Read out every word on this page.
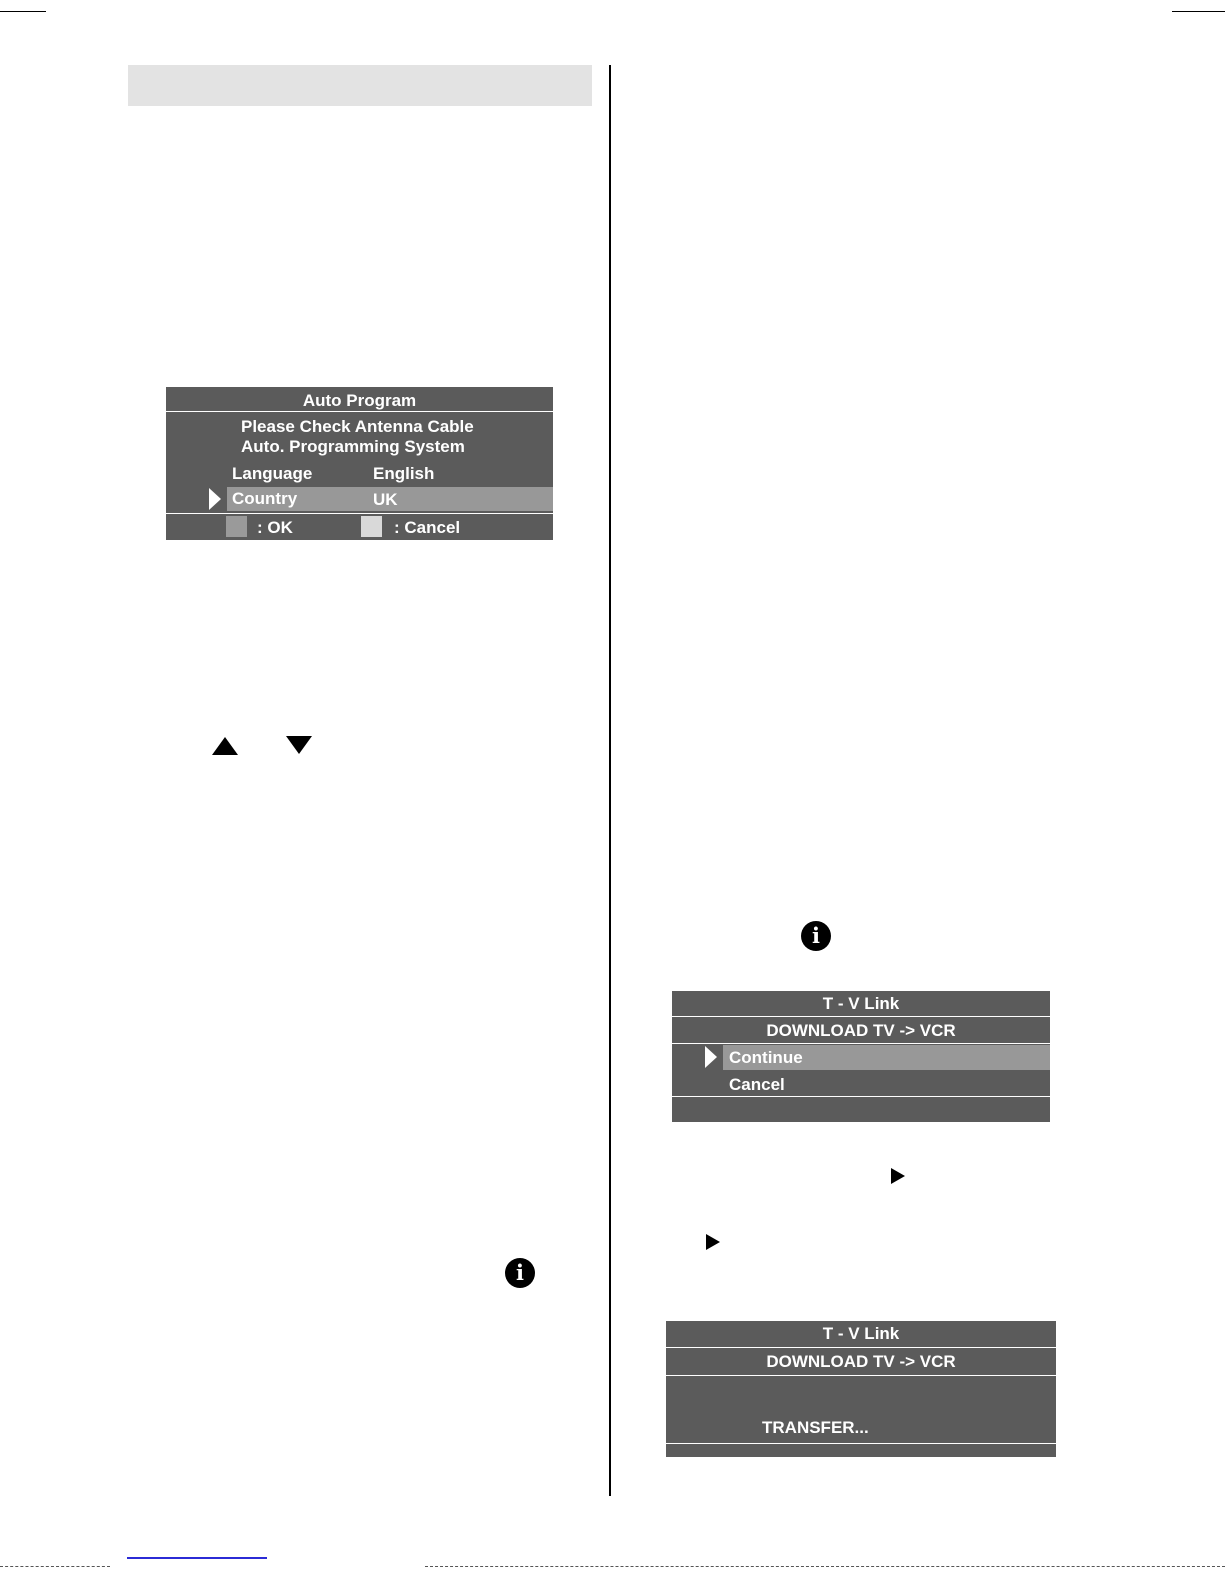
Auto Program
Please Check Antenna Cable
Auto. Programming System
Language	English
Country	UK
: OK	: Cancel
i
i
T - V Link
DOWNLOAD TV -> VCR
Continue
Cancel
T - V Link
DOWNLOAD TV -> VCR
TRANSFER...
